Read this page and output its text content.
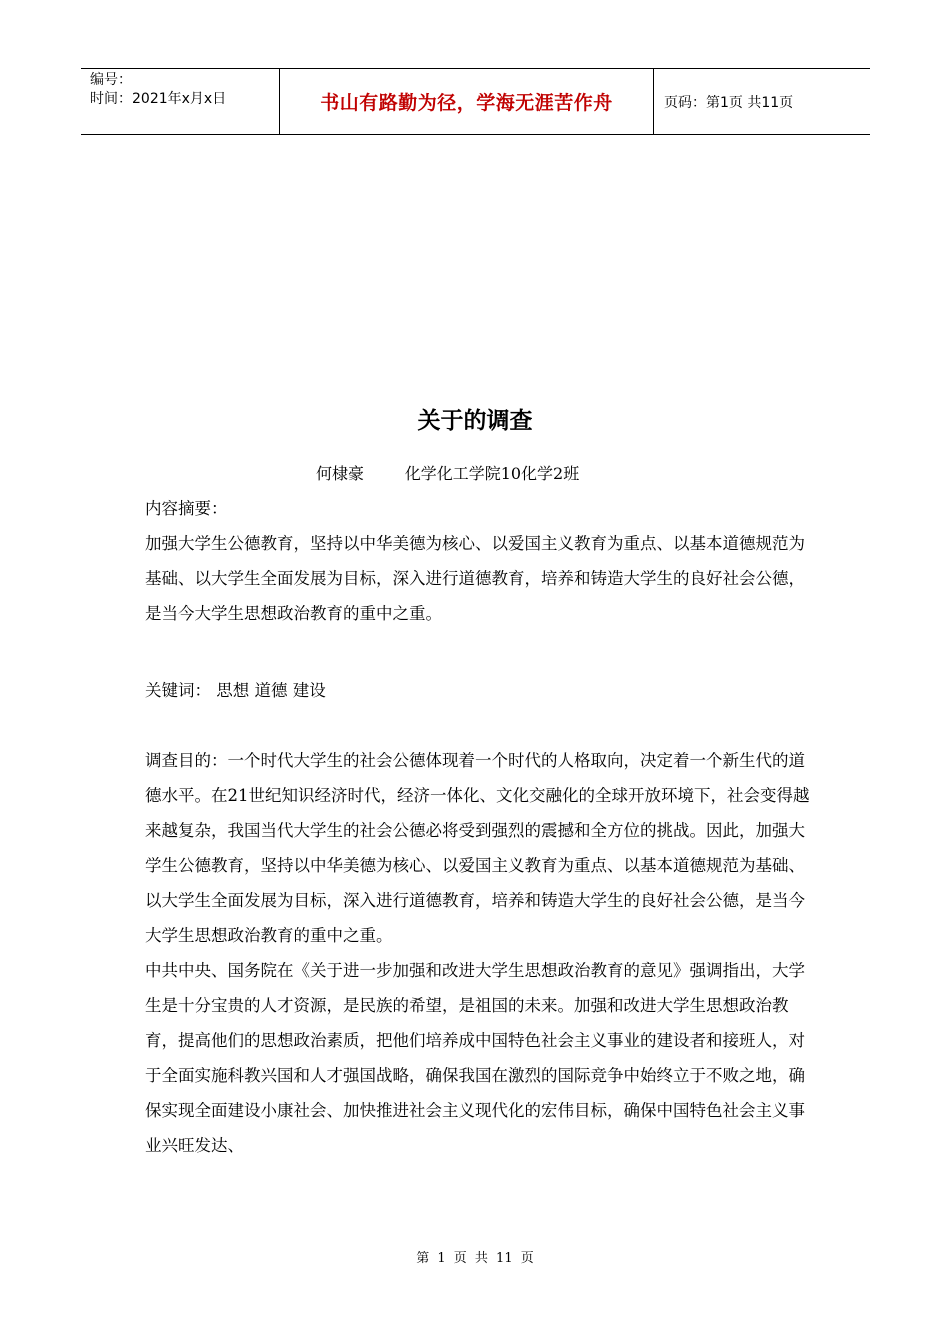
编号：
时间：2021年x月x日	书山有路勤为径，学海无涯苦作舟	页码：第1页 共11页
关于的调查
何棣豪        化学化工学院10化学2班

内容摘要：

加强大学生公德教育，坚持以中华美德为核心、以爱国主义教育为重点、以基本道德规范为基础、以大学生全面发展为目标，深入进行道德教育，培养和铸造大学生的良好社会公德，是当今大学生思想政治教育的重中之重。

关键词： 思想 道德 建设

调查目的：一个时代大学生的社会公德体现着一个时代的人格取向，决定着一个新生代的道德水平。在21世纪知识经济时代，经济一体化、文化交融化的全球开放环境下，社会变得越来越复杂，我国当代大学生的社会公德必将受到强烈的震撼和全方位的挑战。因此，加强大学生公德教育，坚持以中华美德为核心、以爱国主义教育为重点、以基本道德规范为基础、以大学生全面发展为目标，深入进行道德教育，培养和铸造大学生的良好社会公德，是当今大学生思想政治教育的重中之重。

中共中央、国务院在《关于进一步加强和改进大学生思想政治教育的意见》强调指出，大学生是十分宝贵的人才资源，是民族的希望，是祖国的未来。加强和改进大学生思想政治教育，提高他们的思想政治素质，把他们培养成中国特色社会主义事业的建设者和接班人，对于全面实施科教兴国和人才强国战略，确保我国在激烈的国际竞争中始终立于不败之地，确保实现全面建设小康社会、加快推进社会主义现代化的宏伟目标，确保中国特色社会主义事业兴旺发达、

第 1 页 共 11 页
